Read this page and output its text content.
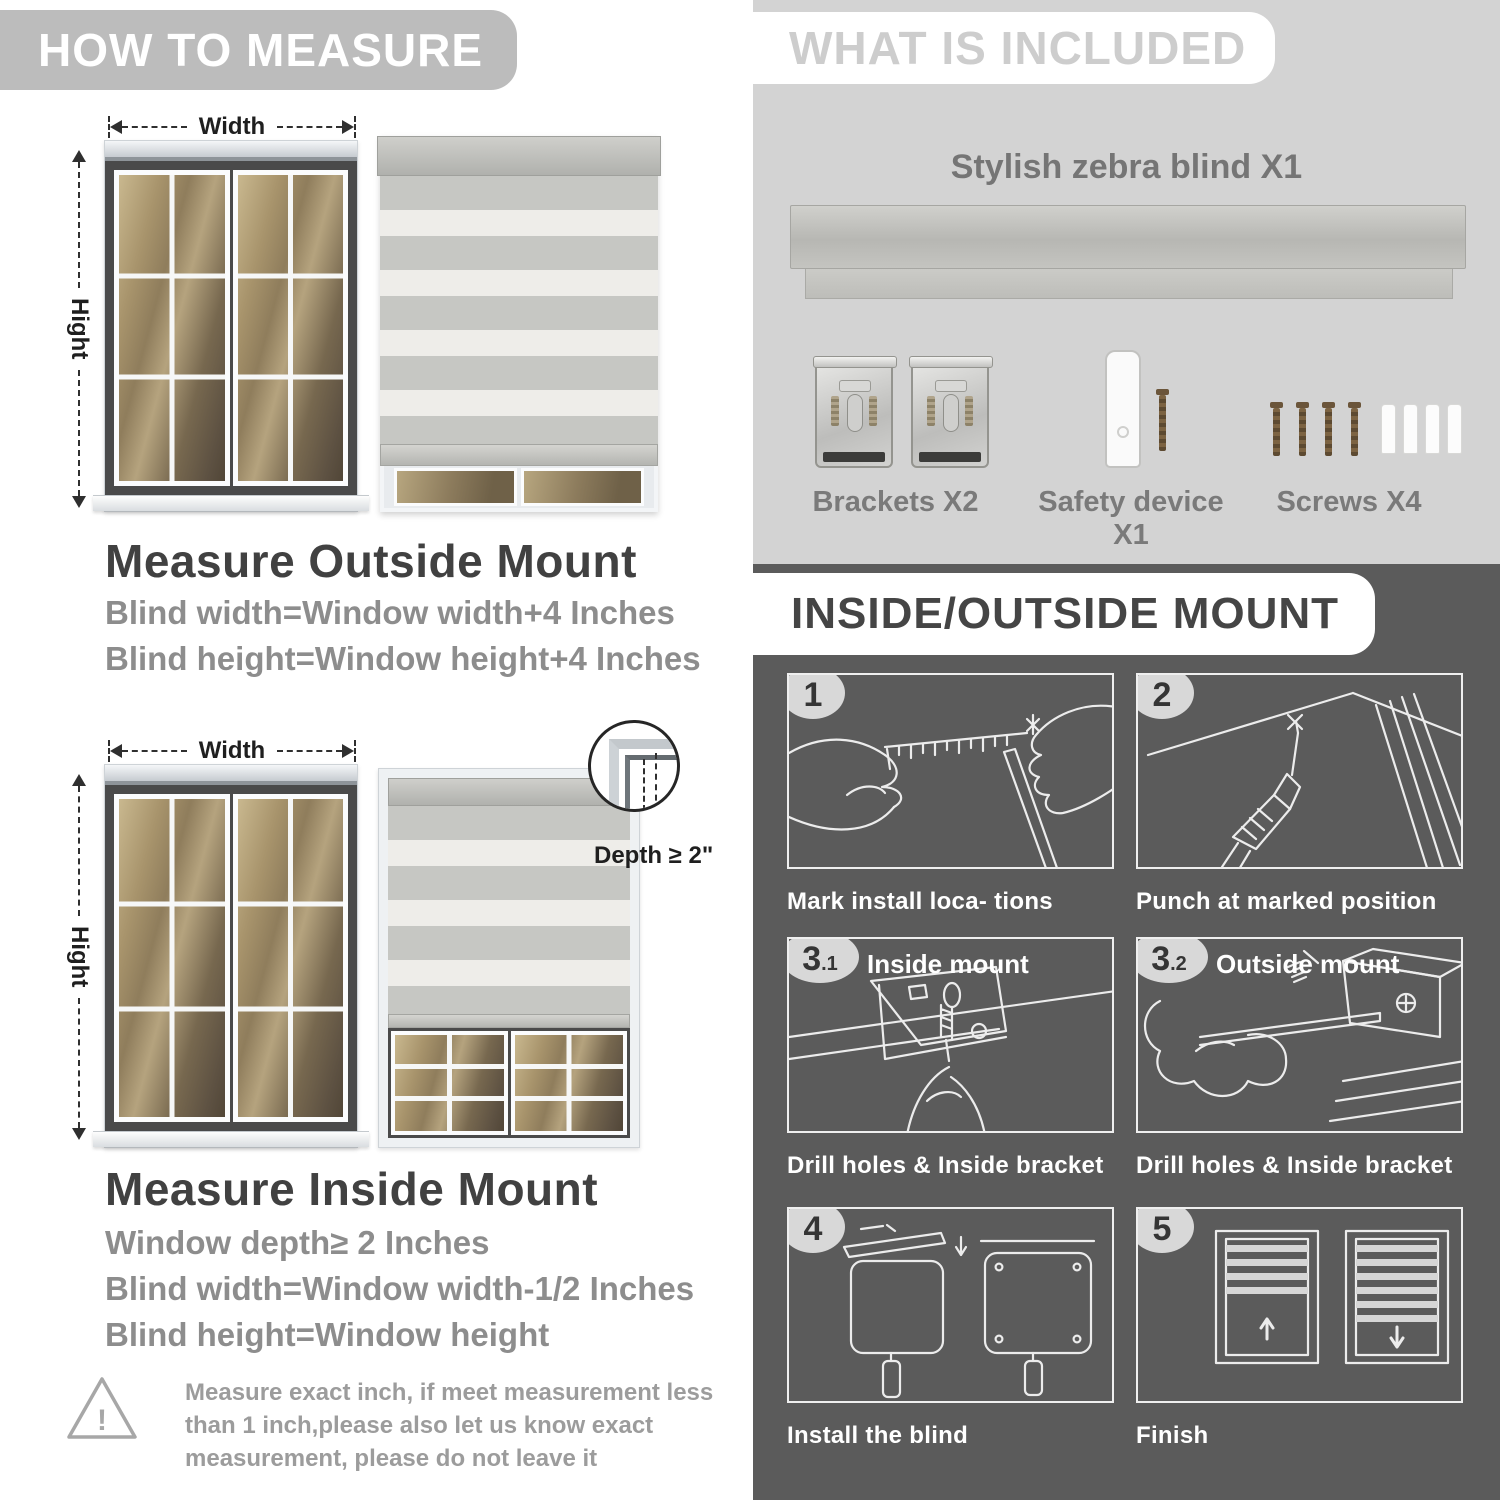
HOW TO MEASURE
Width
Hight
Measure Outside Mount
Blind width=Window width+4 Inches
Blind height=Window height+4 Inches
Width
Hight
Depth ≥ 2"
Measure Inside Mount
Window depth≥ 2 Inches
Blind width=Window width-1/2 Inches
Blind height=Window height
!
Measure exact inch, if meet measurement less
than 1 inch,please also let us know exact
measurement, please do not leave it
WHAT IS INCLUDED
Stylish zebra blind X1
Brackets X2	Safety device X1
Screws X4
INSIDE/OUTSIDE MOUNT
1
Mark install loca- tions
2
Punch at marked position
3.1	Inside mount
Drill holes & Inside bracket
3.2	Outside mount
Drill holes & Inside bracket
4
Install the blind
5
Finish
